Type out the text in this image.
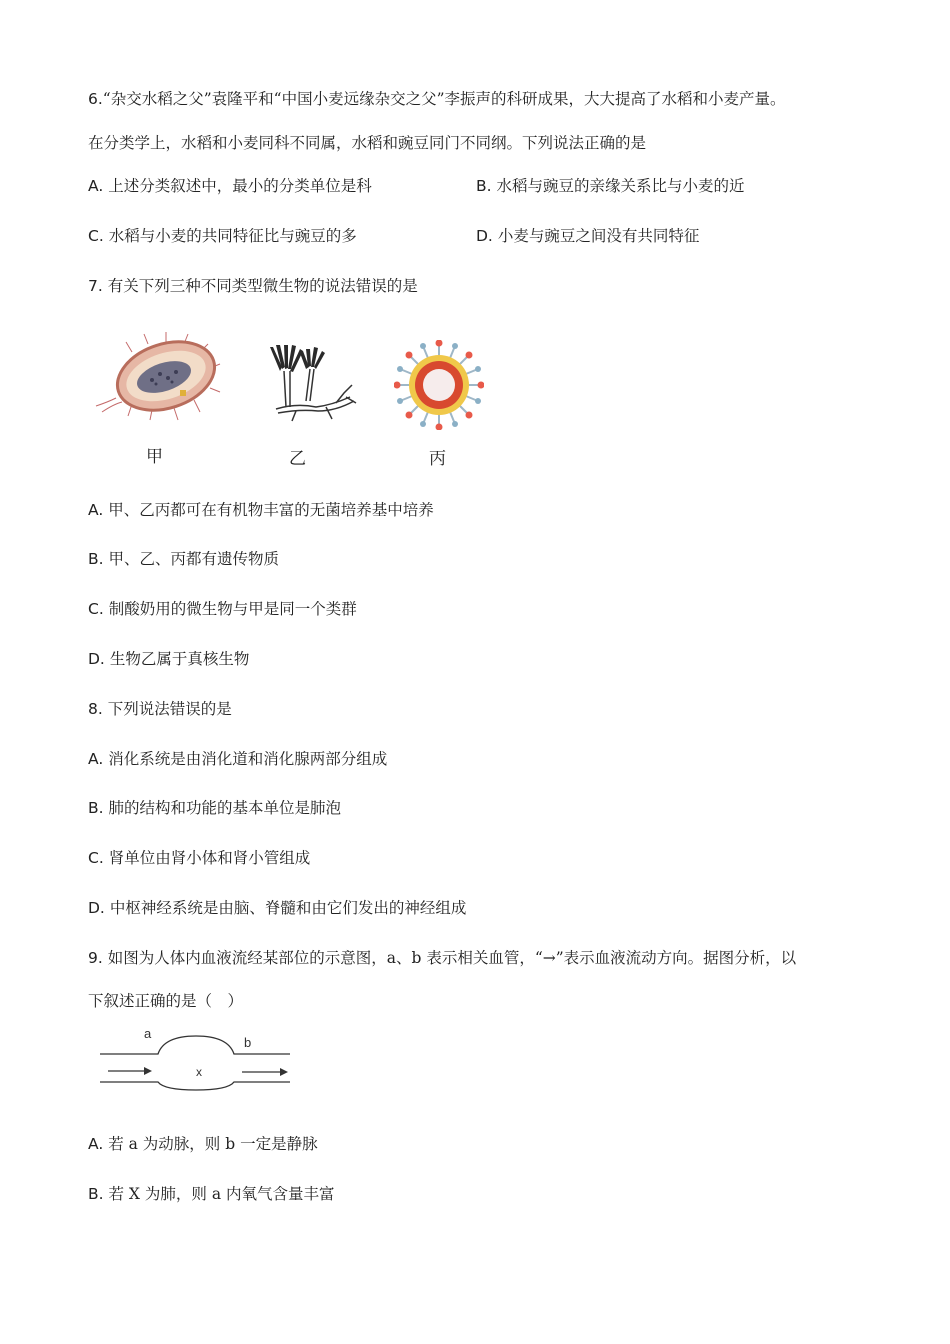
6.“杂交水稻之父”袁隆平和“中国小麦远缘杂交之父”李振声的科研成果，大大提高了水稻和小麦产量。
在分类学上，水稻和小麦同科不同属，水稻和豌豆同门不同纲。下列说法正确的是
A. 上述分类叙述中，最小的分类单位是科	B. 水稻与豌豆的亲缘关系比与小麦的近
C. 水稻与小麦的共同特征比与豌豆的多	D. 小麦与豌豆之间没有共同特征
7. 有关下列三种不同类型微生物的说法错误的是
甲	乙	丙
A. 甲、乙丙都可在有机物丰富的无菌培养基中培养
B. 甲、乙、丙都有遗传物质
C. 制酸奶用的微生物与甲是同一个类群
D. 生物乙属于真核生物
8. 下列说法错误的是
A. 消化系统是由消化道和消化腺两部分组成
B. 肺的结构和功能的基本单位是肺泡
C. 肾单位由肾小体和肾小管组成
D. 中枢神经系统是由脑、脊髓和由它们发出的神经组成
9. 如图为人体内血液流经某部位的示意图，a、b 表示相关血管，“→”表示血液流动方向。据图分析，以
下叙述正确的是（　）
a
b
x
A. 若 a 为动脉，则 b 一定是静脉
B. 若 X 为肺，则 a 内氧气含量丰富
